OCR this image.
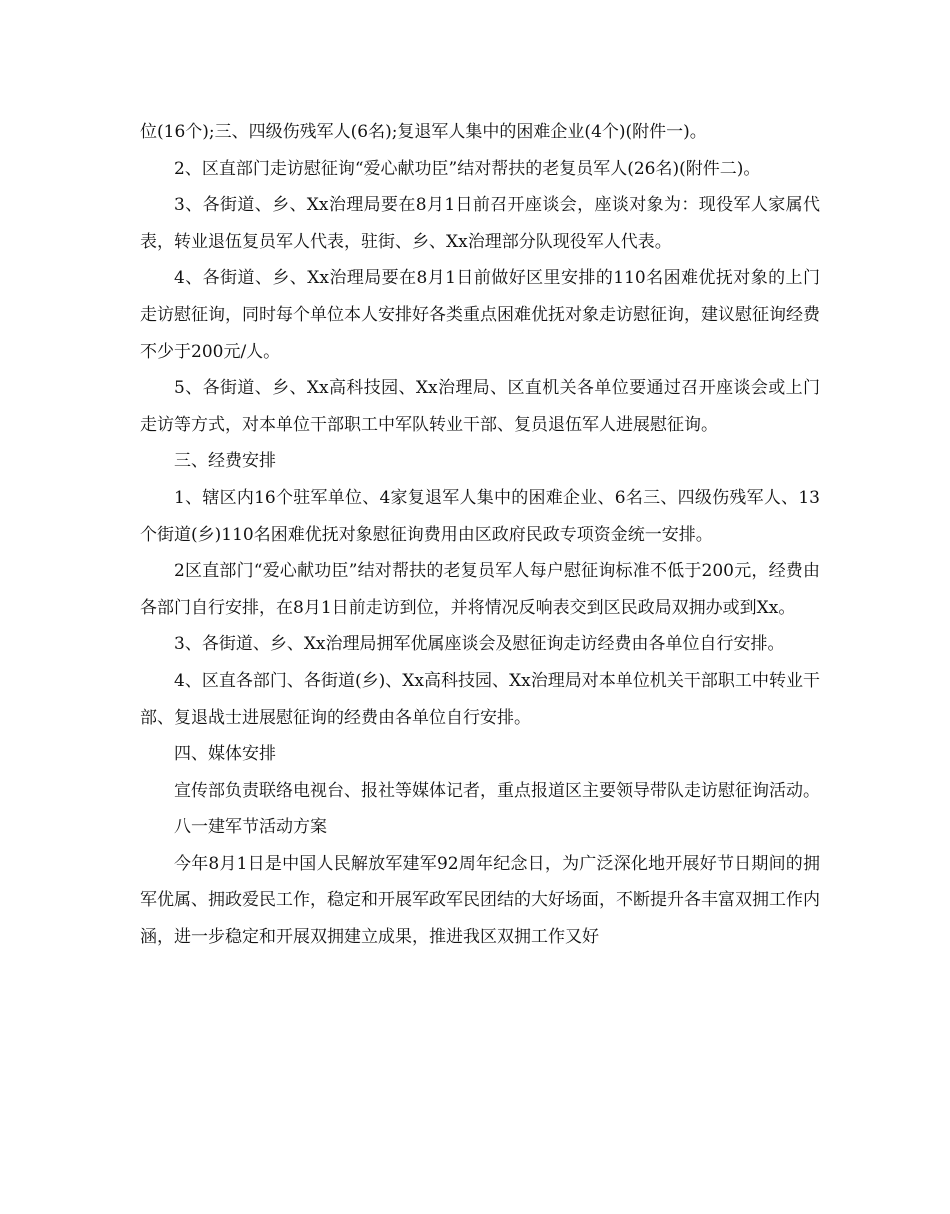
位(16个);三、四级伤残军人(6名);复退军人集中的困难企业(4个)(附件一)。

2、区直部门走访慰征询“爱心献功臣”结对帮扶的老复员军人(26名)(附件二)。

3、各街道、乡、Xx治理局要在8月1日前召开座谈会，座谈对象为：现役军人家属代表，转业退伍复员军人代表，驻街、乡、Xx治理部分队现役军人代表。

4、各街道、乡、Xx治理局要在8月1日前做好区里安排的110名困难优抚对象的上门走访慰征询，同时每个单位本人安排好各类重点困难优抚对象走访慰征询，建议慰征询经费不少于200元/人。

5、各街道、乡、Xx高科技园、Xx治理局、区直机关各单位要通过召开座谈会或上门走访等方式，对本单位干部职工中军队转业干部、复员退伍军人进展慰征询。

三、经费安排

1、辖区内16个驻军单位、4家复退军人集中的困难企业、6名三、四级伤残军人、13个街道(乡)110名困难优抚对象慰征询费用由区政府民政专项资金统一安排。

2区直部门“爱心献功臣”结对帮扶的老复员军人每户慰征询标准不低于200元，经费由各部门自行安排，在8月1日前走访到位，并将情况反响表交到区民政局双拥办或到Xx。

3、各街道、乡、Xx治理局拥军优属座谈会及慰征询走访经费由各单位自行安排。

4、区直各部门、各街道(乡)、Xx高科技园、Xx治理局对本单位机关干部职工中转业干部、复退战士进展慰征询的经费由各单位自行安排。

四、媒体安排

宣传部负责联络电视台、报社等媒体记者，重点报道区主要领导带队走访慰征询活动。

八一建军节活动方案

今年8月1日是中国人民解放军建军92周年纪念日，为广泛深化地开展好节日期间的拥军优属、拥政爱民工作，稳定和开展军政军民团结的大好场面，不断提升各丰富双拥工作内涵，进一步稳定和开展双拥建立成果，推进我区双拥工作又好
